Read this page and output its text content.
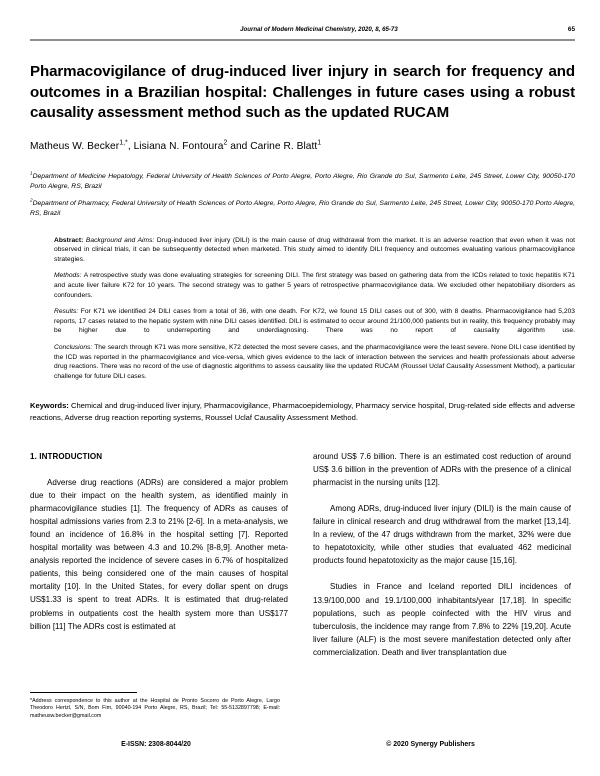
Journal of Modern Medicinal Chemistry, 2020, 8, 65-73	65
Pharmacovigilance of drug-induced liver injury in search for frequency and outcomes in a Brazilian hospital: Challenges in future cases using a robust causality assessment method such as the updated RUCAM
Matheus W. Becker$^{1,*}$, Lisiana N. Fontoura$^2$ and Carine R. Blatt$^1$
$^1$Department of Medicine Hepatology, Federal University of Health Sciences of Porto Alegre, Porto Alegre, Rio Grande do Sul, Sarmento Leite, 245 Street, Lower City, 90050-170 Porto Alegre, RS, Brazil
$^2$Department of Pharmacy, Federal University of Health Sciences of Porto Alegre, Porto Alegre, Rio Grande do Sul, Sarmento Leite, 245 Street, Lower City, 90050-170 Porto Alegre, RS, Brazil

Abstract: Background and Aims: Drug-induced liver injury (DILI) is the main cause of drug withdrawal from the market. It is an adverse reaction that even when it was not observed in clinical trials, it can be subsequently detected when marketed. This study aimed to identify DILI frequency and outcomes evaluating various pharmacovigilance strategies.

Methods: A retrospective study was done evaluating strategies for screening DILI. The first strategy was based on gathering data from the ICDs related to toxic hepatitis K71 and acute liver failure K72 for 10 years. The second strategy was to gather 5 years of retrospective pharmacovigilance data. We excluded other hepatobiliary disorders as confounders.

Results: For K71 we identified 24 DILI cases from a total of 36, with one death. For K72, we found 15 DILI cases out of 300, with 8 deaths. Pharmacovigilance had 5,203 reports, 17 cases related to the hepatic system with nine DILI cases identified. DILI is estimated to occur around 21/100,000 patients but in reality, this frequency probably may be higher due to underreporting and underdiagnosing. There was no report of causality algorithm use.

Conclusions: The search through K71 was more sensitive, K72 detected the most severe cases, and the pharmacovigilance were the least severe. None DILI case identified by the ICD was reported in the pharmacovigilance and vice-versa, which gives evidence to the lack of interaction between the services and health professionals about adverse drug reactions. There was no record of the use of diagnostic algorithms to assess causality like the updated RUCAM (Roussel Uclaf Causality Assessment Method), a particular challenge for future DILI cases.

Keywords: Chemical and drug-induced liver injury, Pharmacovigilance, Pharmacoepidemiology, Pharmacy service hospital, Drug-related side effects and adverse reactions, Adverse drug reaction reporting systems, Roussel Uclaf Causality Assessment Method.
1. INTRODUCTION

Adverse drug reactions (ADRs) are considered a major problem due to their impact on the health system, as identified mainly in pharmacovigilance studies [1]. The frequency of ADRs as causes of hospital admissions varies from 2.3 to 21% [2-6]. In a meta-analysis, we found an incidence of 16.8% in the hospital setting [7]. Reported hospital mortality was between 4.3 and 10.2% [8-8,9]. Another meta-analysis reported the incidence of severe cases in 6.7% of hospitalized patients, this being considered one of the main causes of hospital mortality [10]. In the United States, for every dollar spent on drugs US$1.33 is spent to treat ADRs. It is estimated that drug-related problems in outpatients cost the health system more than US$177 billion [11] The ADRs cost is estimated at

around US$ 7.6 billion. There is an estimated cost reduction of around US$ 3.6 billion in the prevention of ADRs with the presence of a clinical pharmacist in the nursing units [12].

Among ADRs, drug-induced liver injury (DILI) is the main cause of failure in clinical research and drug withdrawal from the market [13,14]. In a review, of the 47 drugs withdrawn from the market, 32% were due to hepatotoxicity, while other studies that evaluated 462 medicinal products found hepatotoxicity as the major cause [15,16].

Studies in France and Iceland reported DILI incidences of 13.9/100,000 and 19.1/100,000 inhabitants/year [17,18]. In specific populations, such as people coinfected with the HIV virus and tuberculosis, the incidence may range from 7.8% to 22% [19,20]. Acute liver failure (ALF) is the most severe manifestation detected only after commercialization. Death and liver transplantation due

*Address correspondence to this author at the Hospital de Pronto Socorro de Porto Alegre, Largo Theodoro Hertzl, S/N, Bom Fim, 90040-194 Porto Alegre, RS, Brazil; Tel: 55-5132897798; E-mail: matheusw.becker@gmail.com
E-ISSN: 2308-8044/20	© 2020 Synergy Publishers
